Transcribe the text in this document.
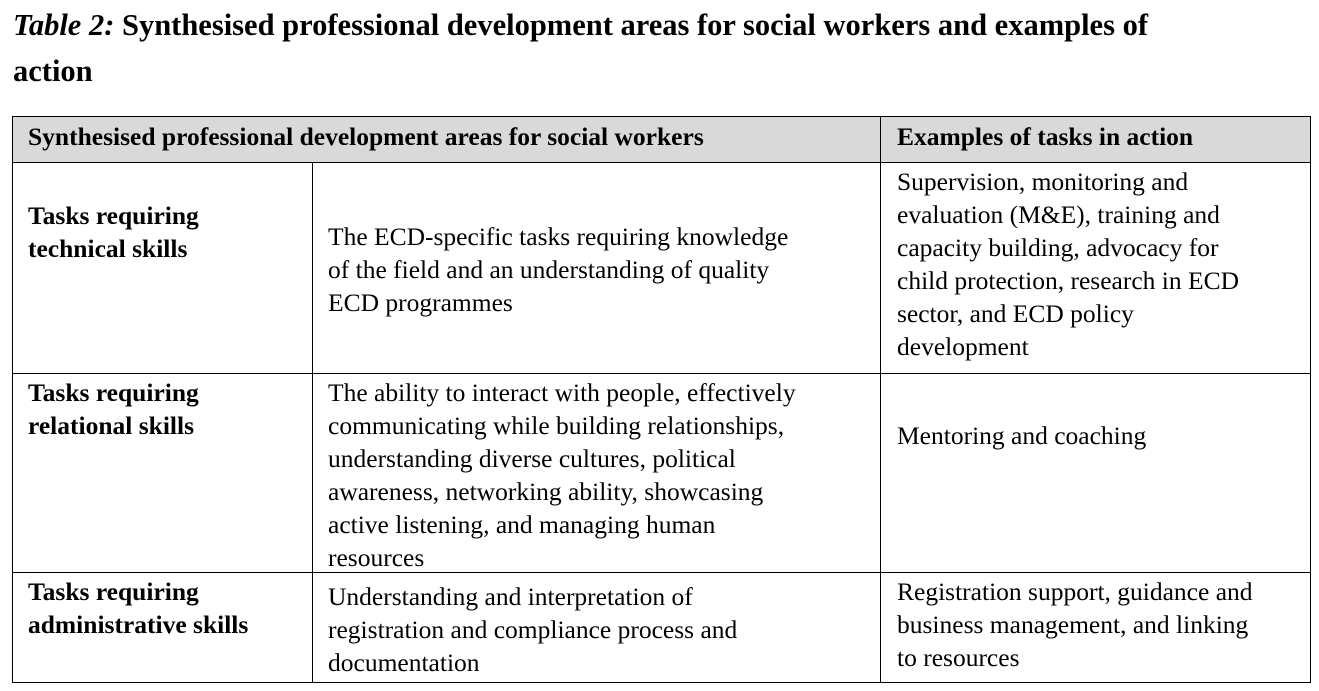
Table 2: Synthesised professional development areas for social workers and examples of
action
Synthesised professional development areas for social workers	Examples of tasks in action
Tasks requiring
technical skills	The ECD-specific tasks requiring knowledge
of the field and an understanding of quality
ECD programmes
Supervision, monitoring and
evaluation (M&E), training and
capacity building, advocacy for
child protection, research in ECD
sector, and ECD policy
development
Tasks requiring
relational skills
The ability to interact with people, effectively
communicating while building relationships,
understanding diverse cultures, political
awareness, networking ability, showcasing
active listening, and managing human
resources
Mentoring and coaching
Tasks requiring
administrative skills
Understanding and interpretation of
registration and compliance process and
documentation
Registration support, guidance and
business management, and linking
to resources
